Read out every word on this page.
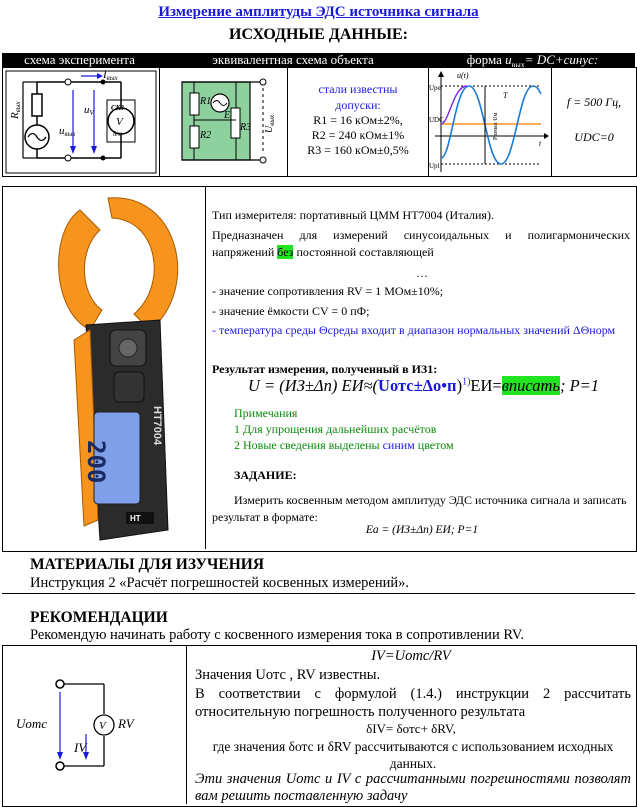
Измерение амплитуды ЭДС источника сигнала
ИСХОДНЫЕ ДАННЫЕ:
схема эксперимента	эквивалентная схема объекта	форма $u_{вых}=$ DC+синус:
V
Rвых
uвых
uV
Iвых
СКЗ
δ/п
R1
R2
R3
E
$U_{вых}$
стали известны
допуски:
R1 = 16 кОм±2%,
R2 = 240 кОм±1%
R3 = 160 кОм±0,5%
u(t)
Upe
Upl
UDC
t
T
Размах Uм
f = 500 Гц,
UDC=0
200
HT7004
HT
Тип измерителя: портативный ЦММ HT7004 (Италия).
Предназначен для измерений синусоидальных и полигармонических напряжений без постоянной составляющей
…
- значение сопротивления RV = 1 МОм±10%;
- значение ёмкости CV = 0 пФ;
- температура среды Θсреды входит в диапазон нормальных значений ΔΘнорм
Результат измерения, полученный в ИЗ1:
U = (ИЗ±Δп) ЕИ≈(Uотс±Δо•п)$^{1)}$ЕИ=вписать; P=1
Примечания
1 Для упрощения дальнейших расчётов
2 Новые сведения выделены синим цветом
ЗАДАНИЕ:
Измерить косвенным методом амплитуду ЭДС источника сигнала и записать результат в формате:
Ea = (ИЗ±Δп) ЕИ; P=1
МАТЕРИАЛЫ ДЛЯ ИЗУЧЕНИЯ
Инструкция 2 «Расчёт погрешностей косвенных измерений».
РЕКОМЕНДАЦИИ
Рекомендую начинать работу с косвенного измерения тока в сопротивлении RV.
V
Uотс	RV
IV
IV=Uотс/RV
Значения Uотс , RV известны.
В соответствии с формулой (1.4.) инструкции 2 рассчитать относительную погрешность полученного результата
δIV= δотс+ δRV,
где значения δотс и δRV рассчитываются с использованием исходных данных.
Эти значения Uотс и IV с рассчитанными погрешностями позволят вам решить поставленную задачу
